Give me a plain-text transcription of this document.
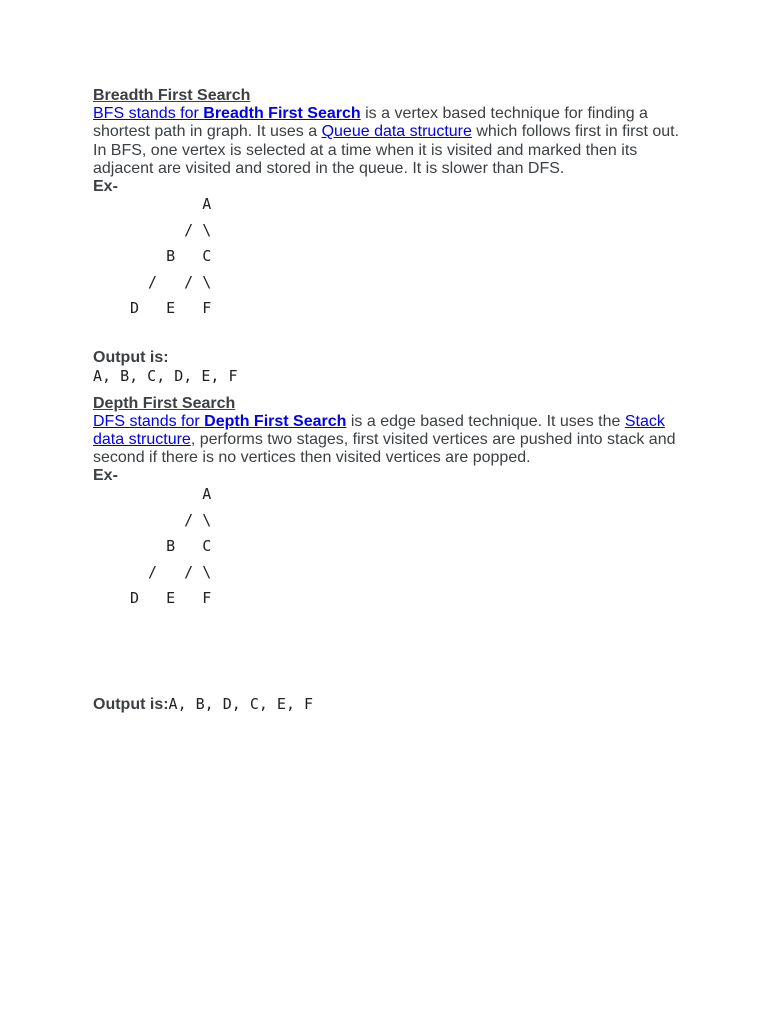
Breadth First Search

BFS stands for Breadth First Search is a vertex based technique for finding a shortest path in graph. It uses a Queue data structure which follows first in first out. In BFS, one vertex is selected at a time when it is visited and marked then its adjacent are visited and stored in the queue. It is slower than DFS.

Ex-
A
/ \
B   C
/   / \
D   E   F
Output is:
A, B, C, D, E, F
Depth First Search

DFS stands for Depth First Search is a edge based technique. It uses the Stack data structure, performs two stages, first visited vertices are pushed into stack and second if there is no vertices then visited vertices are popped.

Ex-
A
/ \
B   C
/   / \
D   E   F
Output is:A, B, D, C, E, F
